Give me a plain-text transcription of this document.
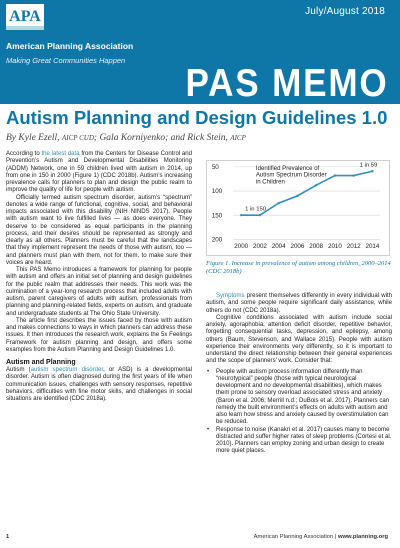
APA	July/August 2018
American Planning Association
Making Great Communities Happen
PAS MEMO
Autism Planning and Design Guidelines 1.0
By Kyle Ezell, AICP CUD; Gala Korniyenko; and Rick Stein, AICP

According to the latest data from the Centers for Disease Control and Prevention’s Autism and Developmental Disabilities Monitoring (ADDM) Network, one in 59 children lived with autism in 2014, up from one in 150 in 2000 (Figure 1) (CDC 2018b). Autism’s increasing prevalence calls for planners to plan and design the public realm to improve the quality of life for people with autism.

Officially termed autism spectrum disorder, autism’s “spectrum” denotes a wide range of functional, cognitive, social, and behavioral impacts associated with this disability (NIH NINDS 2017). People with autism want to live fulfilled lives — as does everyone. They deserve to be considered as equal participants in the planning process, and their desires should be represented as strongly and clearly as all others. Planners must be careful that the landscapes that they implement represent the needs of those with autism, too — and planners must plan with them, not for them, to make sure their voices are heard.

This PAS Memo introduces a framework for planning for people with autism and offers an initial set of planning and design guidelines for the public realm that addresses their needs. This work was the culmination of a year-long research process that included adults with autism, parent caregivers of adults with autism, professionals from planning and planning-related fields, experts on autism, and graduate and undergraduate students at The Ohio State University.

The article first describes the issues faced by those with autism and makes connections to ways in which planners can address these issues. It then introduces the research work, explains the 5x Feelings Framework for autism planning and design, and offers some examples from the Autism Planning and Design Guidelines 1.0.

Autism and Planning

Autism (autism spectrum disorder, or ASD) is a developmental disorder. Autism is often diagnosed during the first years of life when communication issues, challenges with sensory responses, repetitive behaviors, difficulties with fine motor skills, and challenges in social situations are identified (CDC 2018a).

50
100
150
200
2000 2002 2004 2006 2008 2010 2012 2014
Identified Prevalence of Autism Spectrum Disorder in Children
1 in 150
1 in 59
Figure 1. Increase in prevalence of autism among children, 2000–2014 (CDC 2018b)

Symptoms present themselves differently in every individual with autism, and some people require significant daily assistance, while others do not (CDC 2018a).

Cognitive conditions associated with autism include social anxiety, agoraphobia, attention deficit disorder, repetitive behavior, forgetting consequential tasks, depression, and epilepsy, among others (Baum, Stevenson, and Wallace 2015). People with autism experience their environments very differently, so it is important to understand the direct relationship between their general experiences and the scope of planners’ work. Consider that:

• People with autism process information differently than “neurotypical” people (those with typical neurological development and no developmental disabilities), which makes them prone to sensory overload associated stress and anxiety (Baron et al. 2006; Merrill n.d.; DuBois et al. 2017). Planners can remedy the built environment’s effects on adults with autism and also learn how stress and anxiety caused by overstimulation can be reduced.
• Response to noise (Kanakri et al. 2017) causes many to become distracted and suffer higher rates of sleep problems (Cortesi et al. 2010). Planners can employ zoning and urban design to create more quiet places.
1	American Planning Association | www.planning.org
